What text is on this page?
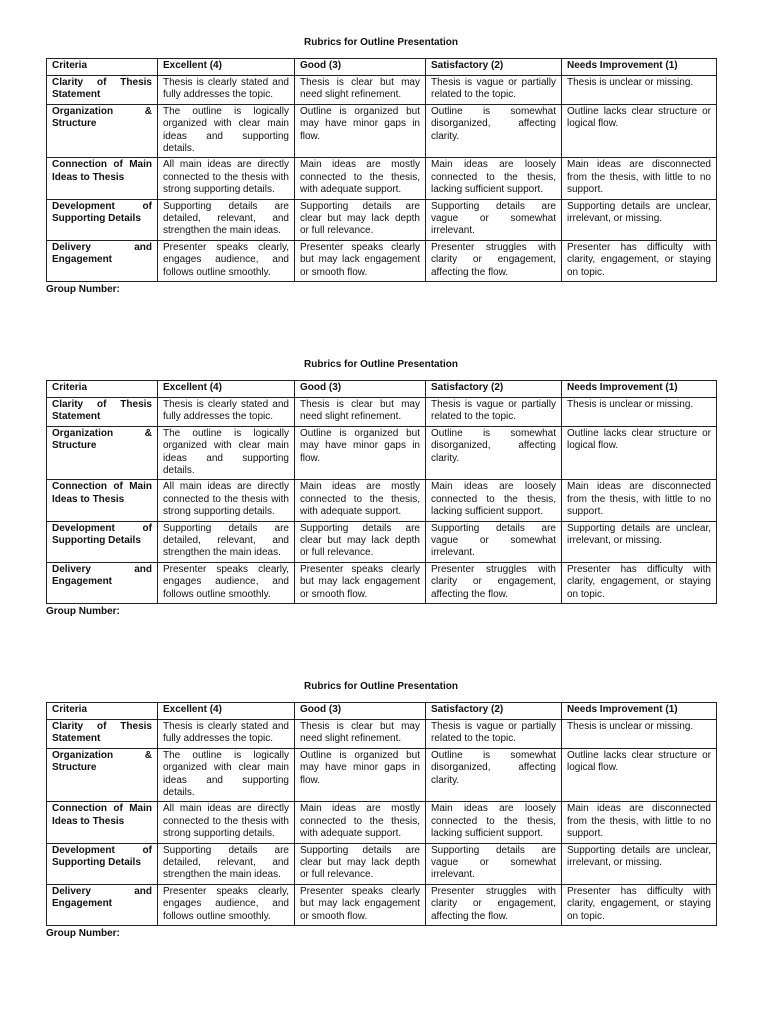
Rubrics for Outline Presentation
Criteria	Excellent (4)	Good (3)	Satisfactory (2)	Needs Improvement (1)
Clarity of Thesis Statement	Thesis is clearly stated and fully addresses the topic.	Thesis is clear but may need slight refinement.	Thesis is vague or partially related to the topic.	Thesis is unclear or missing.
Organization & Structure	The outline is logically organized with clear main ideas and supporting details.	Outline is organized but may have minor gaps in flow.	Outline is somewhat disorganized, affecting clarity.	Outline lacks clear structure or logical flow.
Connection of Main Ideas to Thesis	All main ideas are directly connected to the thesis with strong supporting details.	Main ideas are mostly connected to the thesis, with adequate support.	Main ideas are loosely connected to the thesis, lacking sufficient support.	Main ideas are disconnected from the thesis, with little to no support.
Development of Supporting Details	Supporting details are detailed, relevant, and strengthen the main ideas.	Supporting details are clear but may lack depth or full relevance.	Supporting details are vague or somewhat irrelevant.	Supporting details are unclear, irrelevant, or missing.
Delivery and Engagement	Presenter speaks clearly, engages audience, and follows outline smoothly.	Presenter speaks clearly but may lack engagement or smooth flow.	Presenter struggles with clarity or engagement, affecting the flow.	Presenter has difficulty with clarity, engagement, or staying on topic.
Group Number:
Rubrics for Outline Presentation
Criteria	Excellent (4)	Good (3)	Satisfactory (2)	Needs Improvement (1)
Clarity of Thesis Statement	Thesis is clearly stated and fully addresses the topic.	Thesis is clear but may need slight refinement.	Thesis is vague or partially related to the topic.	Thesis is unclear or missing.
Organization & Structure	The outline is logically organized with clear main ideas and supporting details.	Outline is organized but may have minor gaps in flow.	Outline is somewhat disorganized, affecting clarity.	Outline lacks clear structure or logical flow.
Connection of Main Ideas to Thesis	All main ideas are directly connected to the thesis with strong supporting details.	Main ideas are mostly connected to the thesis, with adequate support.	Main ideas are loosely connected to the thesis, lacking sufficient support.	Main ideas are disconnected from the thesis, with little to no support.
Development of Supporting Details	Supporting details are detailed, relevant, and strengthen the main ideas.	Supporting details are clear but may lack depth or full relevance.	Supporting details are vague or somewhat irrelevant.	Supporting details are unclear, irrelevant, or missing.
Delivery and Engagement	Presenter speaks clearly, engages audience, and follows outline smoothly.	Presenter speaks clearly but may lack engagement or smooth flow.	Presenter struggles with clarity or engagement, affecting the flow.	Presenter has difficulty with clarity, engagement, or staying on topic.
Group Number:
Rubrics for Outline Presentation
Criteria	Excellent (4)	Good (3)	Satisfactory (2)	Needs Improvement (1)
Clarity of Thesis Statement	Thesis is clearly stated and fully addresses the topic.	Thesis is clear but may need slight refinement.	Thesis is vague or partially related to the topic.	Thesis is unclear or missing.
Organization & Structure	The outline is logically organized with clear main ideas and supporting details.	Outline is organized but may have minor gaps in flow.	Outline is somewhat disorganized, affecting clarity.	Outline lacks clear structure or logical flow.
Connection of Main Ideas to Thesis	All main ideas are directly connected to the thesis with strong supporting details.	Main ideas are mostly connected to the thesis, with adequate support.	Main ideas are loosely connected to the thesis, lacking sufficient support.	Main ideas are disconnected from the thesis, with little to no support.
Development of Supporting Details	Supporting details are detailed, relevant, and strengthen the main ideas.	Supporting details are clear but may lack depth or full relevance.	Supporting details are vague or somewhat irrelevant.	Supporting details are unclear, irrelevant, or missing.
Delivery and Engagement	Presenter speaks clearly, engages audience, and follows outline smoothly.	Presenter speaks clearly but may lack engagement or smooth flow.	Presenter struggles with clarity or engagement, affecting the flow.	Presenter has difficulty with clarity, engagement, or staying on topic.
Group Number:
